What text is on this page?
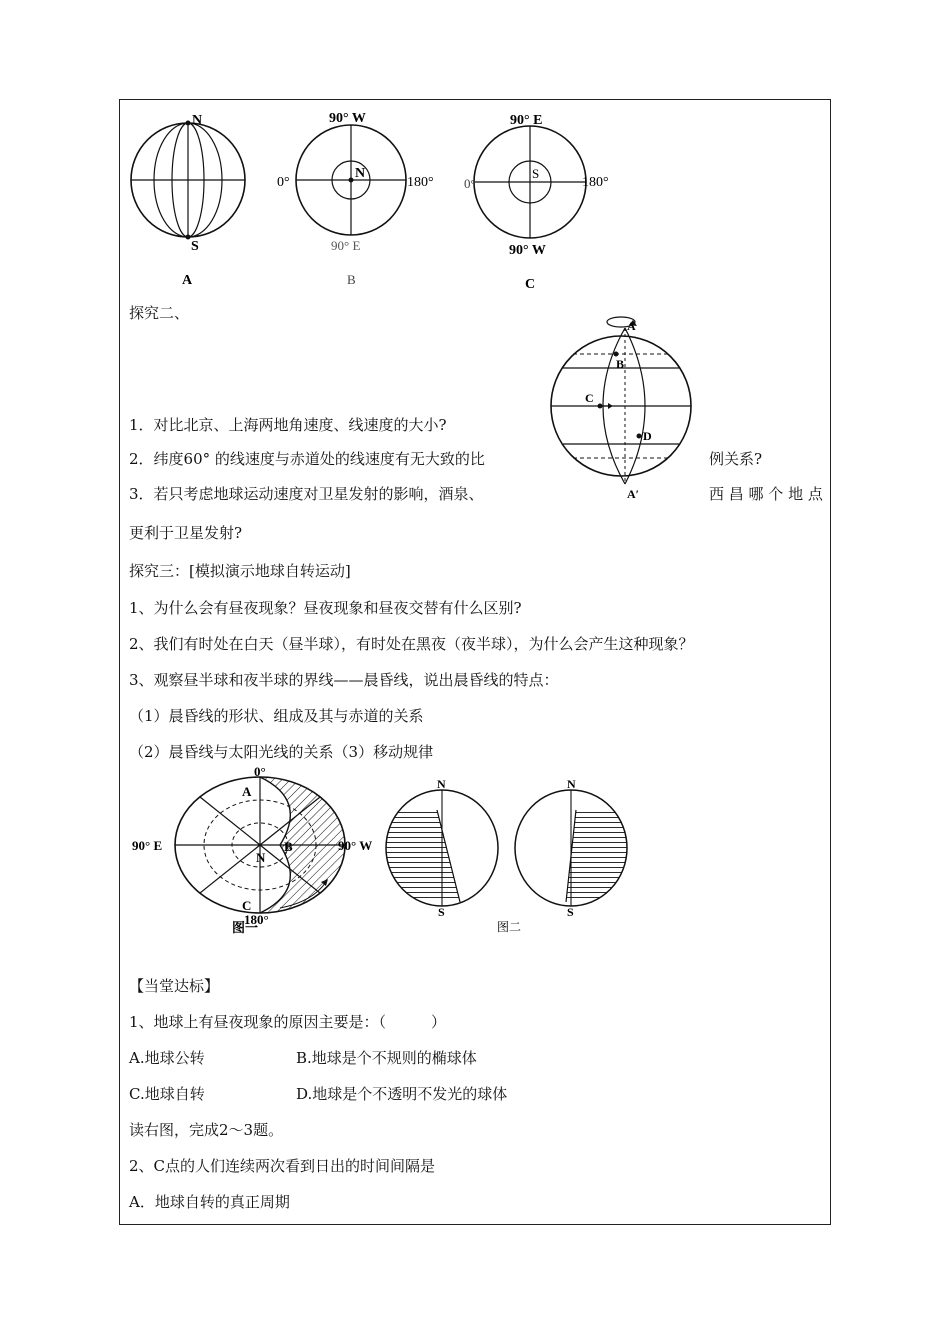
N
S
A
90° W
0°	180°
90° E
N
B
90° E
0°	180°
90° W
S
C
探究二、
A
B
C
D
A′
1．对比北京、上海两地角速度、线速度的大小?
2．纬度60° 的线速度与赤道处的线速度有无大致的比	例关系?
3．若只考虑地球运动速度对卫星发射的影响，酒泉、	西 昌 哪 个 地 点
更利于卫星发射?
探究三：[模拟演示地球自转运动]
1、为什么会有昼夜现象？昼夜现象和昼夜交替有什么区别?
2、我们有时处在白天（昼半球），有时处在黑夜（夜半球），为什么会产生这种现象？
3、观察昼半球和夜半球的界线——晨昏线，说出晨昏线的特点：
（1）晨昏线的形状、组成及其与赤道的关系
（2）晨昏线与太阳光线的关系（3）移动规律
0°
90° E	90° W
180°
A
B
C
N
图一
N
S
N
S
图二
【当堂达标】
1、地球上有昼夜现象的原因主要是：（　　　）
A.地球公转	B.地球是个不规则的椭球体
C.地球自转	D.地球是个不透明不发光的球体
读右图，完成2～3题。
2、C点的人们连续两次看到日出的时间间隔是
A．地球自转的真正周期
